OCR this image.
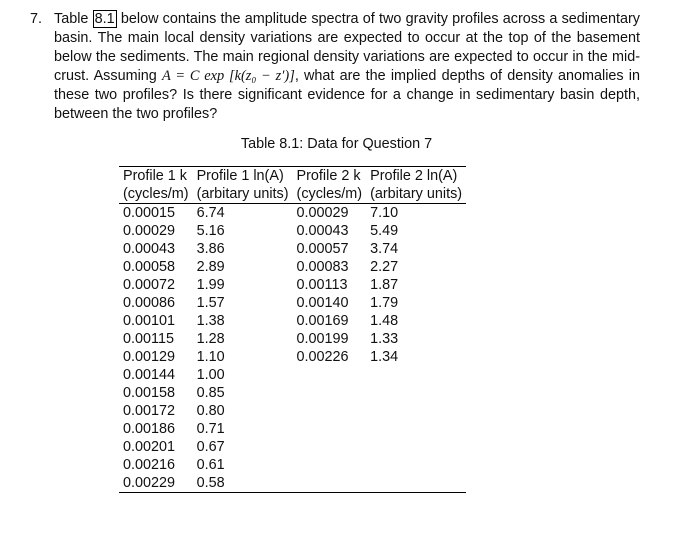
7. Table 8.1 below contains the amplitude spectra of two gravity profiles across a sedimentary basin. The main local density variations are expected to occur at the top of the basement below the sediments. The main regional density variations are expected to occur in the mid-crust. Assuming A = C exp [k(z₀ − z′)], what are the implied depths of density anomalies in these two profiles? Is there significant evidence for a change in sedimentary basin depth, between the two profiles?
Table 8.1: Data for Question 7
Profile 1 k	Profile 1 ln(A)	Profile 2 k	Profile 2 ln(A)
(cycles/m)	(arbitary units)	(cycles/m)	(arbitary units)
0.00015	6.74	0.00029	7.10
0.00029	5.16	0.00043	5.49
0.00043	3.86	0.00057	3.74
0.00058	2.89	0.00083	2.27
0.00072	1.99	0.00113	1.87
0.00086	1.57	0.00140	1.79
0.00101	1.38	0.00169	1.48
0.00115	1.28	0.00199	1.33
0.00129	1.10	0.00226	1.34
0.00144	1.00		
0.00158	0.85		
0.00172	0.80		
0.00186	0.71		
0.00201	0.67		
0.00216	0.61		
0.00229	0.58		
